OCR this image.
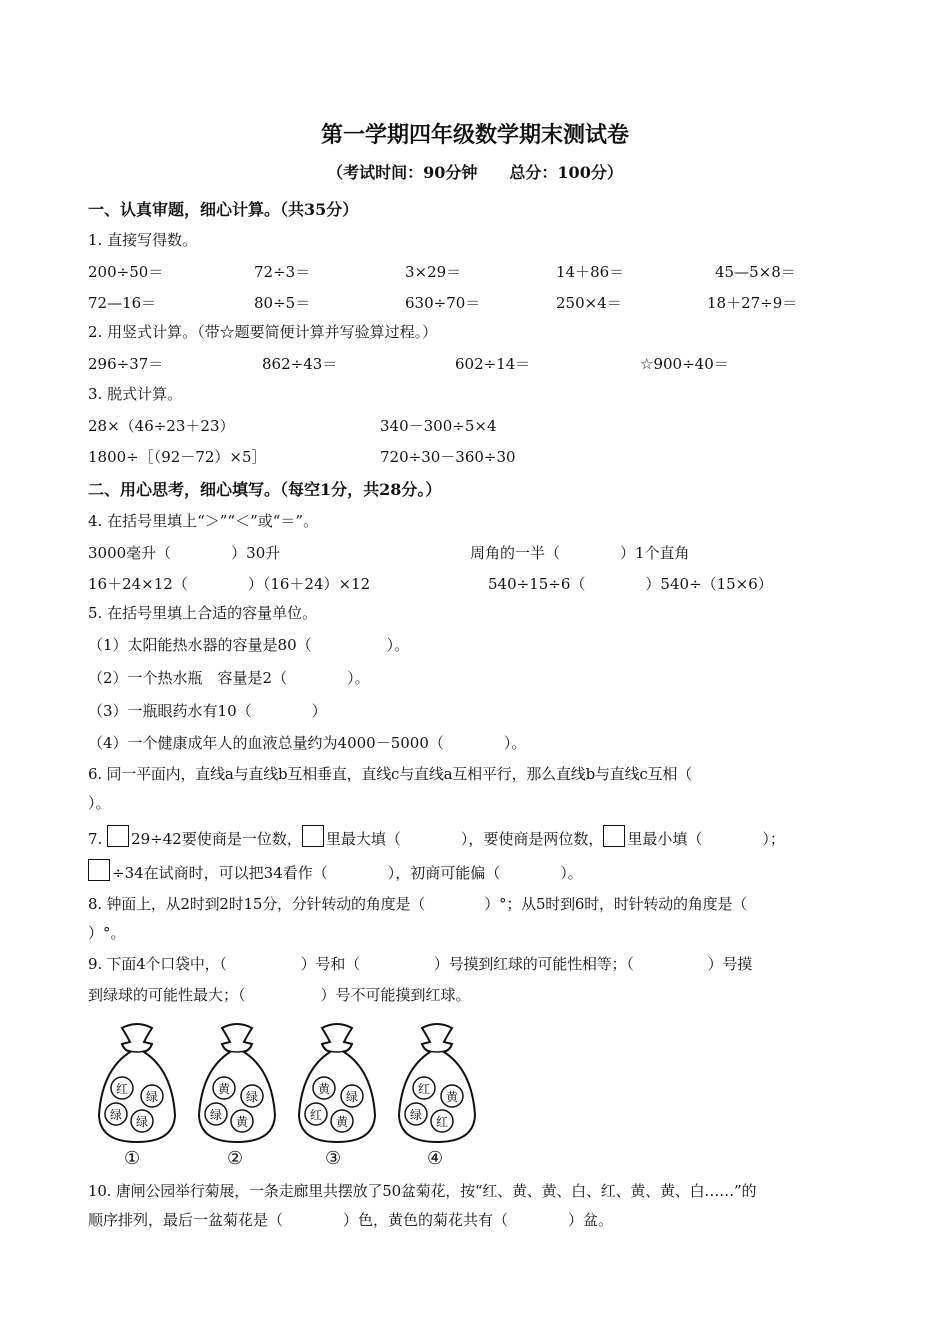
第一学期四年级数学期末测试卷
（考试时间：90分钟　　总分：100分）
一、认真审题，细心计算。（共35分）
1. 直接写得数。
200÷50＝	72÷3＝	3×29＝	14＋86＝	45—5×8＝
72—16＝	80÷5＝	630÷70＝	250×4＝	18＋27÷9＝
2. 用竖式计算。（带☆题要简便计算并写验算过程。）
296÷37＝	862÷43＝	602÷14＝	☆900÷40＝
3. 脱式计算。
28×（46÷23＋23）	340－300÷5×4
1800÷［（92－72）×5］	720÷30－360÷30
二、用心思考，细心填写。（每空1分，共28分。）
4. 在括号里填上“＞”“＜”或“＝”。
3000毫升（　　　　）30升	周角的一半（　　　　）1个直角
16＋24×12（　　　　）（16＋24）×12	540÷15÷6（　　　　）540÷（15×6）
5. 在括号里填上合适的容量单位。
（1）太阳能热水器的容量是80（　　　　　）。
（2）一个热水瓶　容量是2（　　　　）。
（3）一瓶眼药水有10（　　　　）
（4）一个健康成年人的血液总量约为4000－5000（　　　　）。
6. 同一平面内，直线a与直线b互相垂直，直线c与直线a互相平行，那么直线b与直线c互相（
）。
7. 29÷42要使商是一位数， 里最大填（　　　　），要使商是两位数， 里最小填（　　　　）；
÷34在试商时，可以把34看作（　　　　），初商可能偏（　　　　）。
8. 钟面上，从2时到2时15分，分针转动的角度是（　　　　）°；从5时到6时，时针转动的角度是（
）°。
9. 下面4个口袋中，（　　　　　）号和（　　　　　）号摸到红球的可能性相等；（　　　　　）号摸
到绿球的可能性最大；（　　　　　）号不可能摸到红球。
红
绿
绿 绿
黄
绿
绿 黄
黄
绿
红 黄
红
黄
绿 红
①	②	③	④
10. 唐闸公园举行菊展，一条走廊里共摆放了50盆菊花，按“红、黄、黄、白、红、黄、黄、白……”的
顺序排列，最后一盆菊花是（　　　　）色，黄色的菊花共有（　　　　）盆。
